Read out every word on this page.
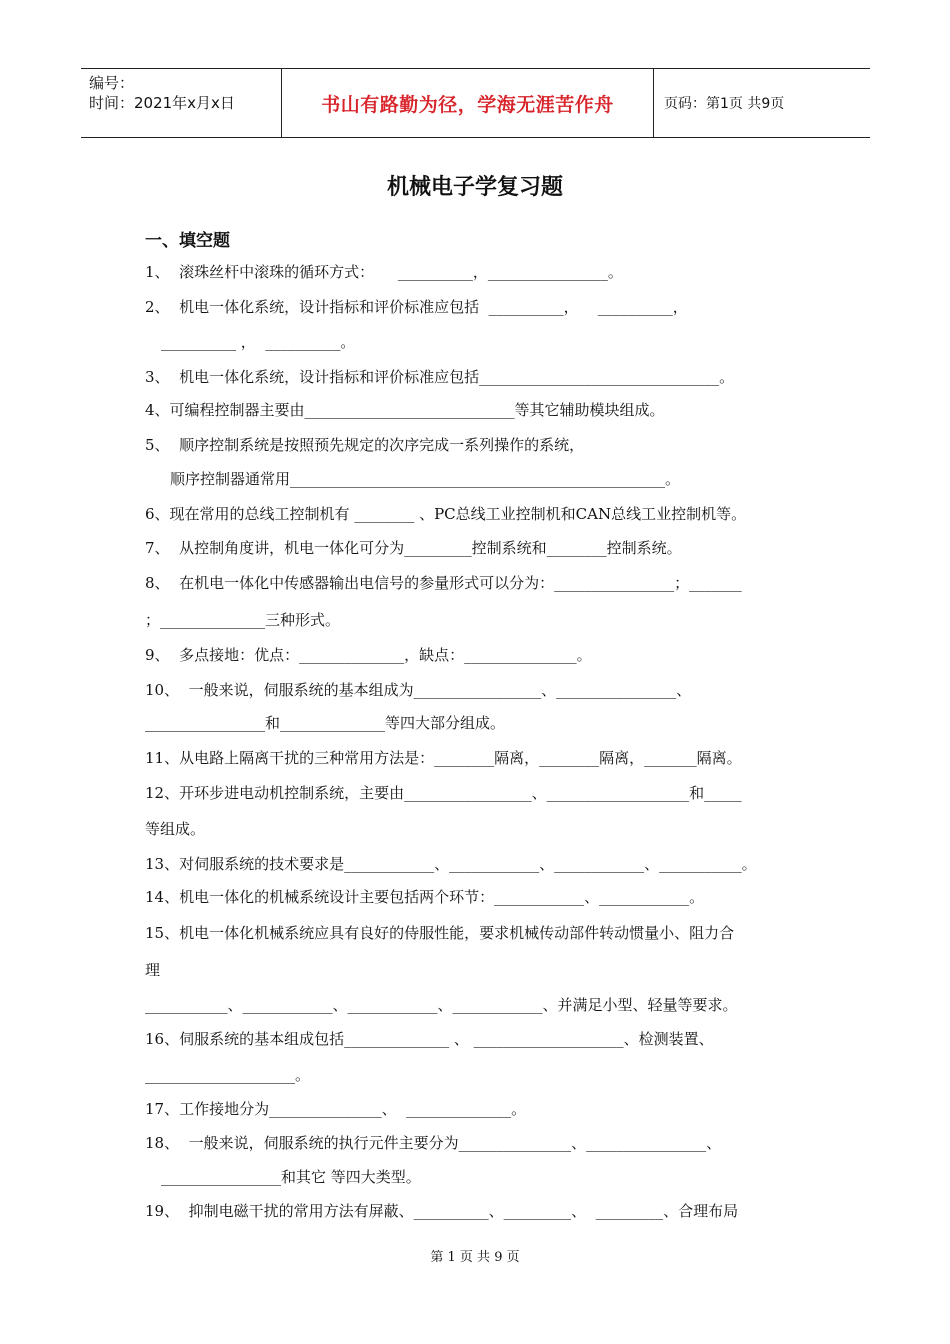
编号：
时间：2021年x月x日	书山有路勤为径，学海无涯苦作舟	页码：第1页 共9页
机械电子学复习题
一、填空题
1、  滚珠丝杆中滚珠的循环方式：     __________，________________。
2、  机电一体化系统，设计指标和评价标准应包括  __________，    __________，
__________ ，  __________。
3、  机电一体化系统，设计指标和评价标准应包括________________________________。
4、可编程控制器主要由____________________________等其它辅助模块组成。
5、  顺序控制系统是按照预先规定的次序完成一系列操作的系统，
顺序控制器通常用__________________________________________________。
6、现在常用的总线工控制机有 ________ 、PC总线工业控制机和CAN总线工业控制机等。
7、  从控制角度讲，机电一体化可分为_________控制系统和________控制系统。
8、  在机电一体化中传感器输出电信号的参量形式可以分为：________________；_______
；______________三种形式。
9、  多点接地：优点：______________，缺点：_______________。
10、  一般来说，伺服系统的基本组成为_________________、________________、
________________和______________等四大部分组成。
11、从电路上隔离干扰的三种常用方法是：________隔离，________隔离，_______隔离。
12、开环步进电动机控制系统，主要由_________________、___________________和_____
等组成。
13、对伺服系统的技术要求是____________、____________、____________、___________。
14、机电一体化的机械系统设计主要包括两个环节：____________、____________。
15、机电一体化机械系统应具有良好的侍服性能，要求机械传动部件转动惯量小、阻力合
理
___________、____________、____________、____________、并满足小型、轻量等要求。
16、伺服系统的基本组成包括______________ 、 ____________________、检测装置、
____________________。
17、工作接地分为_______________、  ______________。
18、  一般来说，伺服系统的执行元件主要分为_______________、________________、
________________和其它 等四大类型。
19、  抑制电磁干扰的常用方法有屏蔽、__________、_________、  _________、合理布局
第 1 页 共 9 页
